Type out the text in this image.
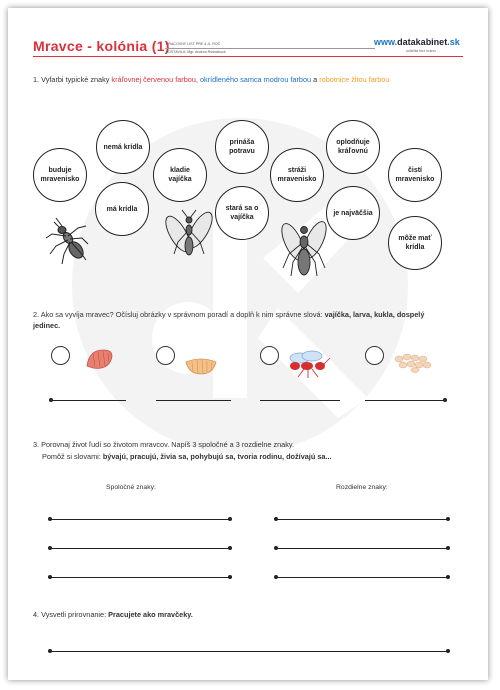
Mravce - kolónia (1)
PRACOVNÝ LIST PRE 4.-5. ROČ
ZOSTAVILA: Mgr. Andrea Rusnáková
www.datakabinet.sk
učiteľka bez hraníc
1. Vyfarbi typické znaky kráľovnej červenou farbou, okrídleného samca modrou farbou a robotnice žltou farbou
nemá krídla
prináša potravu
oplodňuje kráľovnú
buduje mravenisko
kladie vajíčka
stráži mravenisko
čistí mravenisko
má krídla	stará sa o vajíčka
je najväčšia
môže mať krídla
2. Ako sa vyvíja mravec? Očísluj obrázky v správnom poradí a doplň k nim správne slová: vajíčka, larva, kukla, dospelý jedinec.
3. Porovnaj život ľudí so životom mravcov. Napíš 3 spoločné a 3 rozdielne znaky.
Pomôž si slovami: bývajú, pracujú, živia sa, pohybujú sa, tvoria rodinu, dožívajú sa...
Spoločné znaky:	Rozdielne znaky:
4. Vysvetli prirovnanie: Pracujete ako mravčeky.
